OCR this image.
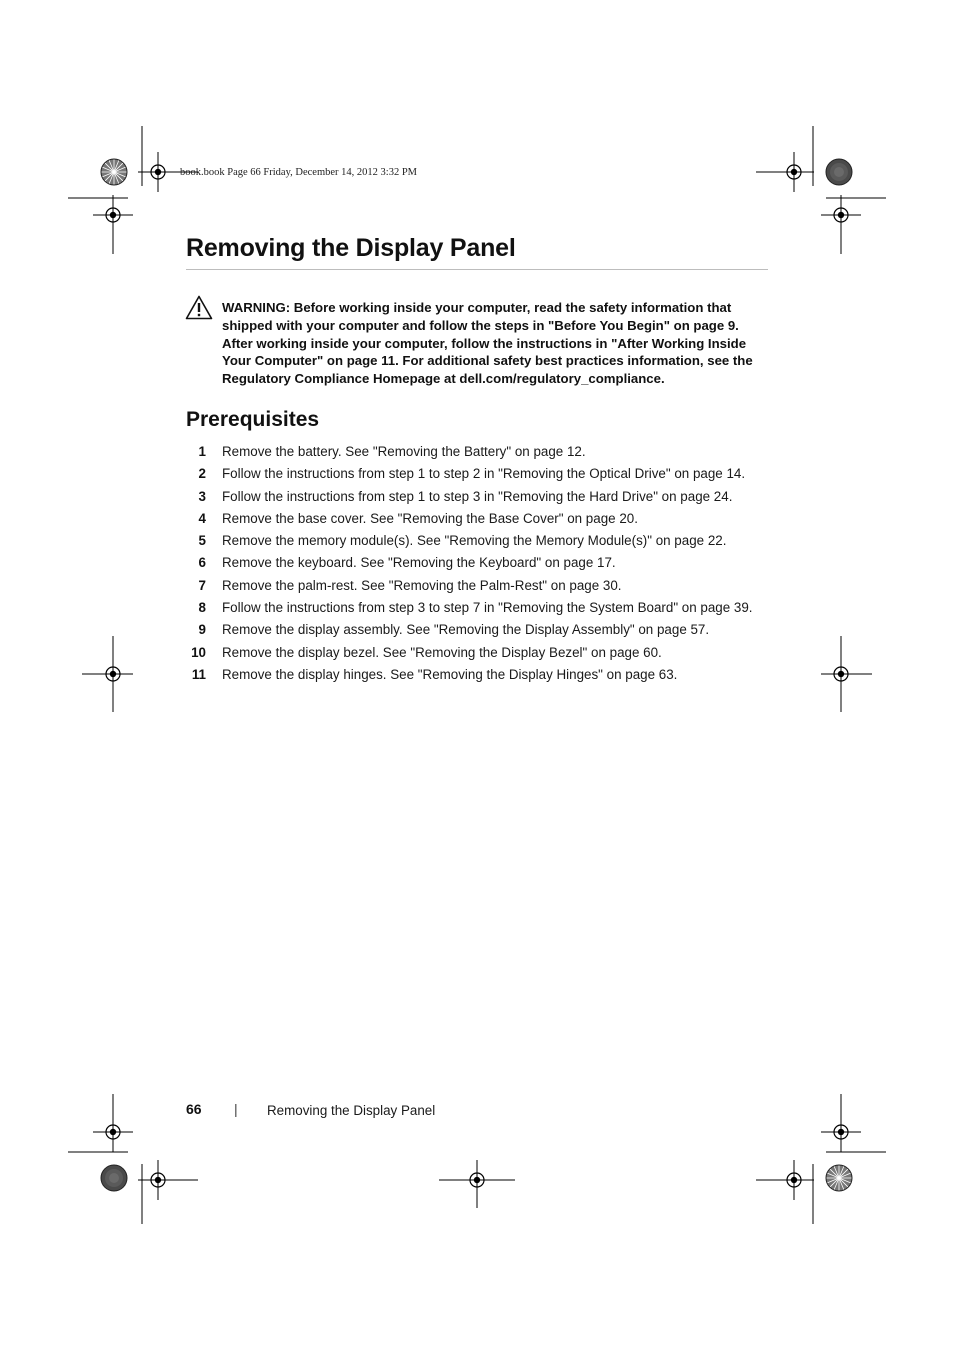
book.book Page 66 Friday, December 14, 2012 3:32 PM
Removing the Display Panel
WARNING: Before working inside your computer, read the safety information that shipped with your computer and follow the steps in "Before You Begin" on page 9. After working inside your computer, follow the instructions in "After Working Inside Your Computer" on page 11. For additional safety best practices information, see the Regulatory Compliance Homepage at dell.com/regulatory_compliance.
Prerequisites
1 Remove the battery. See "Removing the Battery" on page 12.
2 Follow the instructions from step 1 to step 2 in "Removing the Optical Drive" on page 14.
3 Follow the instructions from step 1 to step 3 in "Removing the Hard Drive" on page 24.
4 Remove the base cover. See "Removing the Base Cover" on page 20.
5 Remove the memory module(s). See "Removing the Memory Module(s)" on page 22.
6 Remove the keyboard. See "Removing the Keyboard" on page 17.
7 Remove the palm-rest. See "Removing the Palm-Rest" on page 30.
8 Follow the instructions from step 3 to step 7 in "Removing the System Board" on page 39.
9 Remove the display assembly. See "Removing the Display Assembly" on page 57.
10 Remove the display bezel. See "Removing the Display Bezel" on page 60.
11 Remove the display hinges. See "Removing the Display Hinges" on page 63.
66 | Removing the Display Panel
